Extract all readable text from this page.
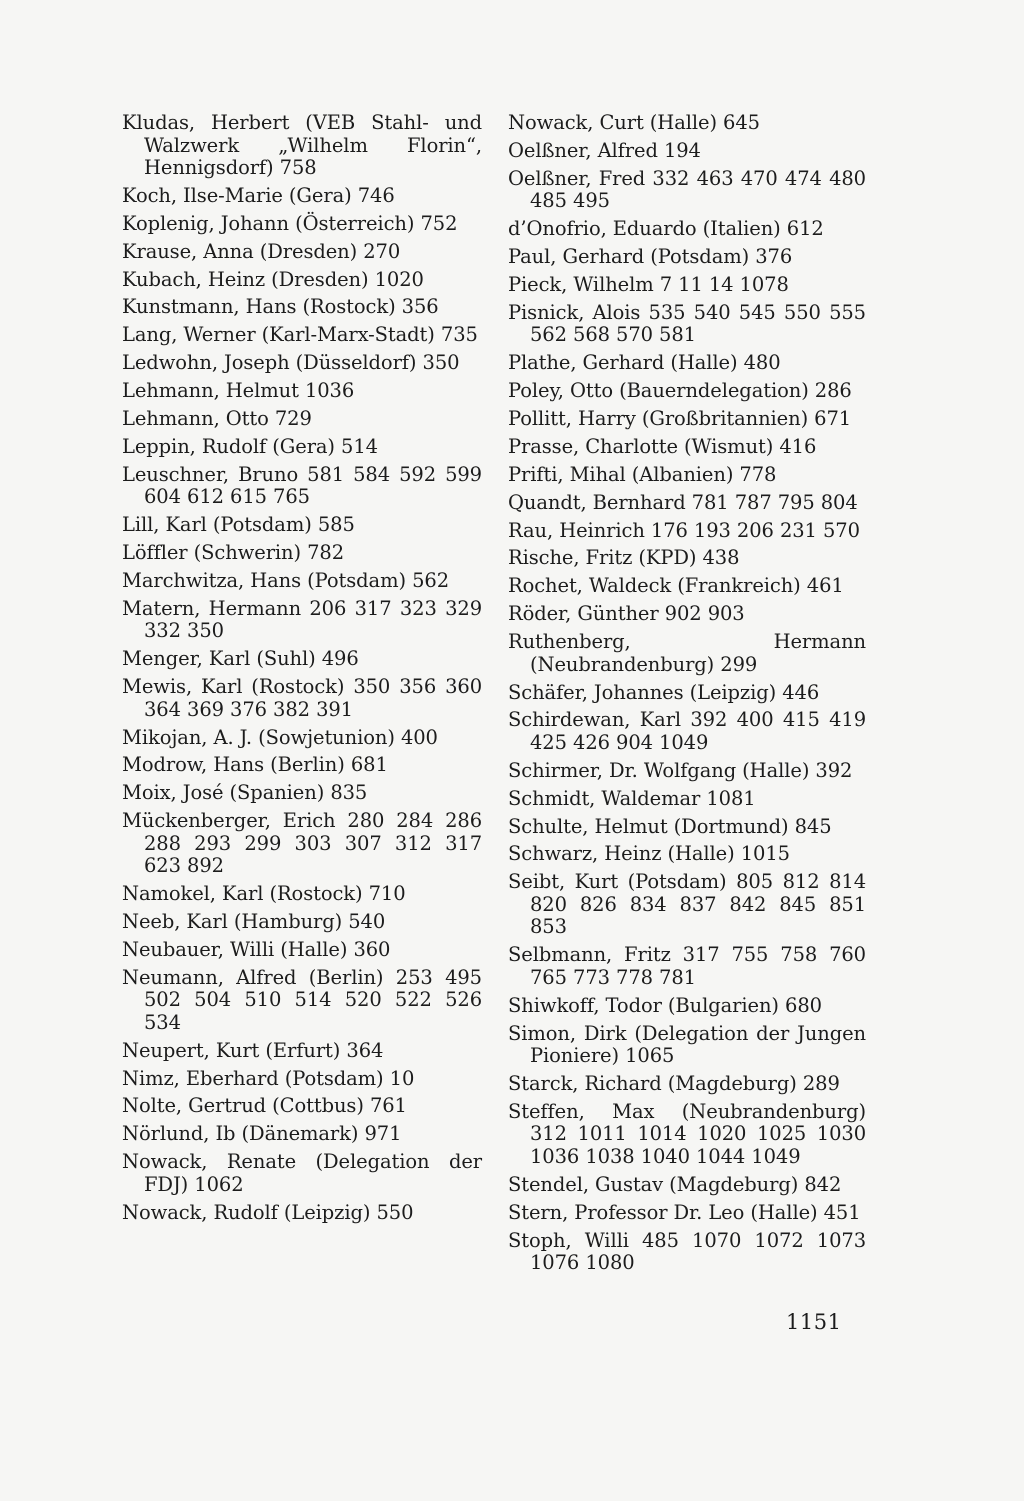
Kludas, Herbert (VEB Stahl- und Walzwerk „Wilhelm Florin“, Hennigsdorf) 758
Koch, Ilse-Marie (Gera) 746
Koplenig, Johann (Österreich) 752
Krause, Anna (Dresden) 270
Kubach, Heinz (Dresden) 1020
Kunstmann, Hans (Rostock) 356
Lang, Werner (Karl-Marx-Stadt) 735
Ledwohn, Joseph (Düsseldorf) 350
Lehmann, Helmut 1036
Lehmann, Otto 729
Leppin, Rudolf (Gera) 514
Leuschner, Bruno 581 584 592 599 604 612 615 765
Lill, Karl (Potsdam) 585
Löffler (Schwerin) 782
Marchwitza, Hans (Potsdam) 562
Matern, Hermann 206 317 323 329 332 350
Menger, Karl (Suhl) 496
Mewis, Karl (Rostock) 350 356 360 364 369 376 382 391
Mikojan, A. J. (Sowjetunion) 400
Modrow, Hans (Berlin) 681
Moix, José (Spanien) 835
Mückenberger, Erich 280 284 286 288 293 299 303 307 312 317 623 892
Namokel, Karl (Rostock) 710
Neeb, Karl (Hamburg) 540
Neubauer, Willi (Halle) 360
Neumann, Alfred (Berlin) 253 495 502 504 510 514 520 522 526 534
Neupert, Kurt (Erfurt) 364
Nimz, Eberhard (Potsdam) 10
Nolte, Gertrud (Cottbus) 761
Nörlund, Ib (Dänemark) 971
Nowack, Renate (Delegation der FDJ) 1062
Nowack, Rudolf (Leipzig) 550
Nowack, Curt (Halle) 645
Oelßner, Alfred 194
Oelßner, Fred 332 463 470 474 480 485 495
d’Onofrio, Eduardo (Italien) 612
Paul, Gerhard (Potsdam) 376
Pieck, Wilhelm 7 11 14 1078
Pisnick, Alois 535 540 545 550 555 562 568 570 581
Plathe, Gerhard (Halle) 480
Poley, Otto (Bauerndelegation) 286
Pollitt, Harry (Großbritannien) 671
Prasse, Charlotte (Wismut) 416
Prifti, Mihal (Albanien) 778
Quandt, Bernhard 781 787 795 804
Rau, Heinrich 176 193 206 231 570
Rische, Fritz (KPD) 438
Rochet, Waldeck (Frankreich) 461
Röder, Günther 902 903
Ruthenberg, Hermann (Neubrandenburg) 299
Schäfer, Johannes (Leipzig) 446
Schirdewan, Karl 392 400 415 419 425 426 904 1049
Schirmer, Dr. Wolfgang (Halle) 392
Schmidt, Waldemar 1081
Schulte, Helmut (Dortmund) 845
Schwarz, Heinz (Halle) 1015
Seibt, Kurt (Potsdam) 805 812 814 820 826 834 837 842 845 851 853
Selbmann, Fritz 317 755 758 760 765 773 778 781
Shiwkoff, Todor (Bulgarien) 680
Simon, Dirk (Delegation der Jungen Pioniere) 1065
Starck, Richard (Magdeburg) 289
Steffen, Max (Neubrandenburg) 312 1011 1014 1020 1025 1030 1036 1038 1040 1044 1049
Stendel, Gustav (Magdeburg) 842
Stern, Professor Dr. Leo (Halle) 451
Stoph, Willi 485 1070 1072 1073 1076 1080
1151
